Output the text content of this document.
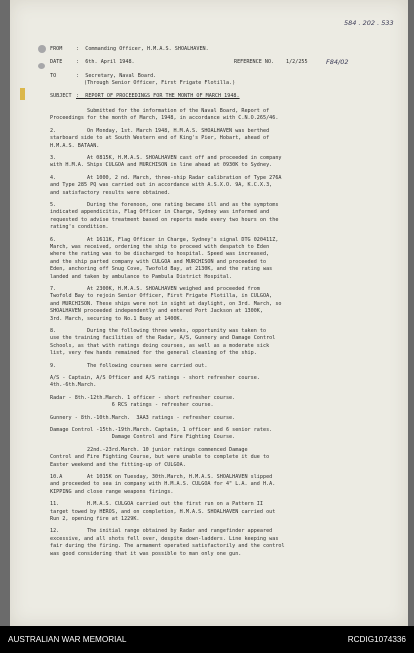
584 . 202 . 533
F84/02
FROM	:  Commanding Officer, H.M.A.S. SHOALHAVEN.
DATE	:  6th. April 1948.	REFERENCE NO. 1/2/255
TO	:  Secretary, Naval Board.
(Through Senior Officer, First Frigate Flotilla.)
SUBJECT :  REPORT OF PROCEEDINGS FOR THE MONTH OF MARCH 1948.
Submitted for the information of the Naval Board, Report of
Proceedings for the month of March, 1948, in accordance with C.N.O.265/46.
2.          On Monday, 1st. March 1948, H.M.A.S. SHOALHAVEN was berthed
starboard side to at South Western end of King's Pier, Hobart, ahead of
H.M.A.S. BATAAN.
3.          At 0815K, H.M.A.S. SHOALHAVEN cast off and proceeded in company
with H.M.A. Ships CULGOA and MURCHISON in line ahead at 0930K to Sydney.
4.          At 1000, 2 nd. March, three-ship Radar calibration of Type 276A
and Type 285 PQ was carried out in accordance with A.S.X.O. 9A, K.C.X.3,
and satisfactory results were obtained.
5.          During the forenoon, one rating became ill and as the symptoms
indicated appendicitis, Flag Officer in Charge, Sydney was informed and
requested to advise treatment based on reports made every two hours on the
rating's condition.
6.          At 1611K, Flag Officer in Charge, Sydney's signal DTG 020411Z,
March, was received, ordering the ship to proceed with despatch to Eden
where the rating was to be discharged to hospital. Speed was increased,
and the ship parted company with CULGOA and MURCHISON and proceeded to
Eden, anchoring off Snug Cove, Twofold Bay, at 2130K, and the rating was
landed and taken by ambulance to Pambula District Hospital.
7.          At 2300K, H.M.A.S. SHOALHAVEN weighed and proceeded from
Twofold Bay to rejoin Senior Officer, First Frigate Flotilla, in CULGOA,
and MURCHISON. These ships were not in sight at daylight, on 3rd. March, so
SHOALHAVEN proceeded independently and entered Port Jackson at 1300K,
3rd. March, securing to No.1 Buoy at 1400K.
8.          During the following three weeks, opportunity was taken to
use the training facilities of the Radar, A/S, Gunnery and Damage Control
Schools, as that with ratings doing courses, as well as a moderate sick
list, very few hands remained for the general cleaning of the ship.
9.          The following courses were carried out.
A/S - Captain, A/S Officer and A/S ratings - short refresher course.
4th.-6th.March.
Radar - 8th.-12th.March. 1 officer - short refresher course.
6 RCS ratings - refresher course.
Gunnery - 8th.-10th.March.  3AA3 ratings - refresher course.
Damage Control -15th.-19th.March. Captain, 1 officer and 6 senior rates.
Damage Control and Fire Fighting Course.
22nd.-23rd.March. 10 junior ratings commenced Damage
Control and Fire Fighting Course, but were unable to complete it due to
Easter weekend and the fitting-up of CULGOA.
10.A        At 1015K on Tuesday, 30th.March, H.M.A.S. SHOALHAVEN slipped
and proceeded to sea in company with H.M.A.S. CULGOA for 4" L.A. and H.A.
KIPPING and close range weapons firings.
11.         H.M.A.S. CULGOA carried out the first run on a Pattern II
target towed by HEROS, and on completion, H.M.A.S. SHOALHAVEN carried out
Run 2, opening fire at 1229K.
12.         The initial range obtained by Radar and rangefinder appeared
excessive, and all shots fell over, despite down-ladders. Line keeping was
fair during the firing. The armament operated satisfactorily and the control
was good considering that it was possible to man only one gun.
AUSTRALIAN WAR MEMORIAL	RCDIG1074336
